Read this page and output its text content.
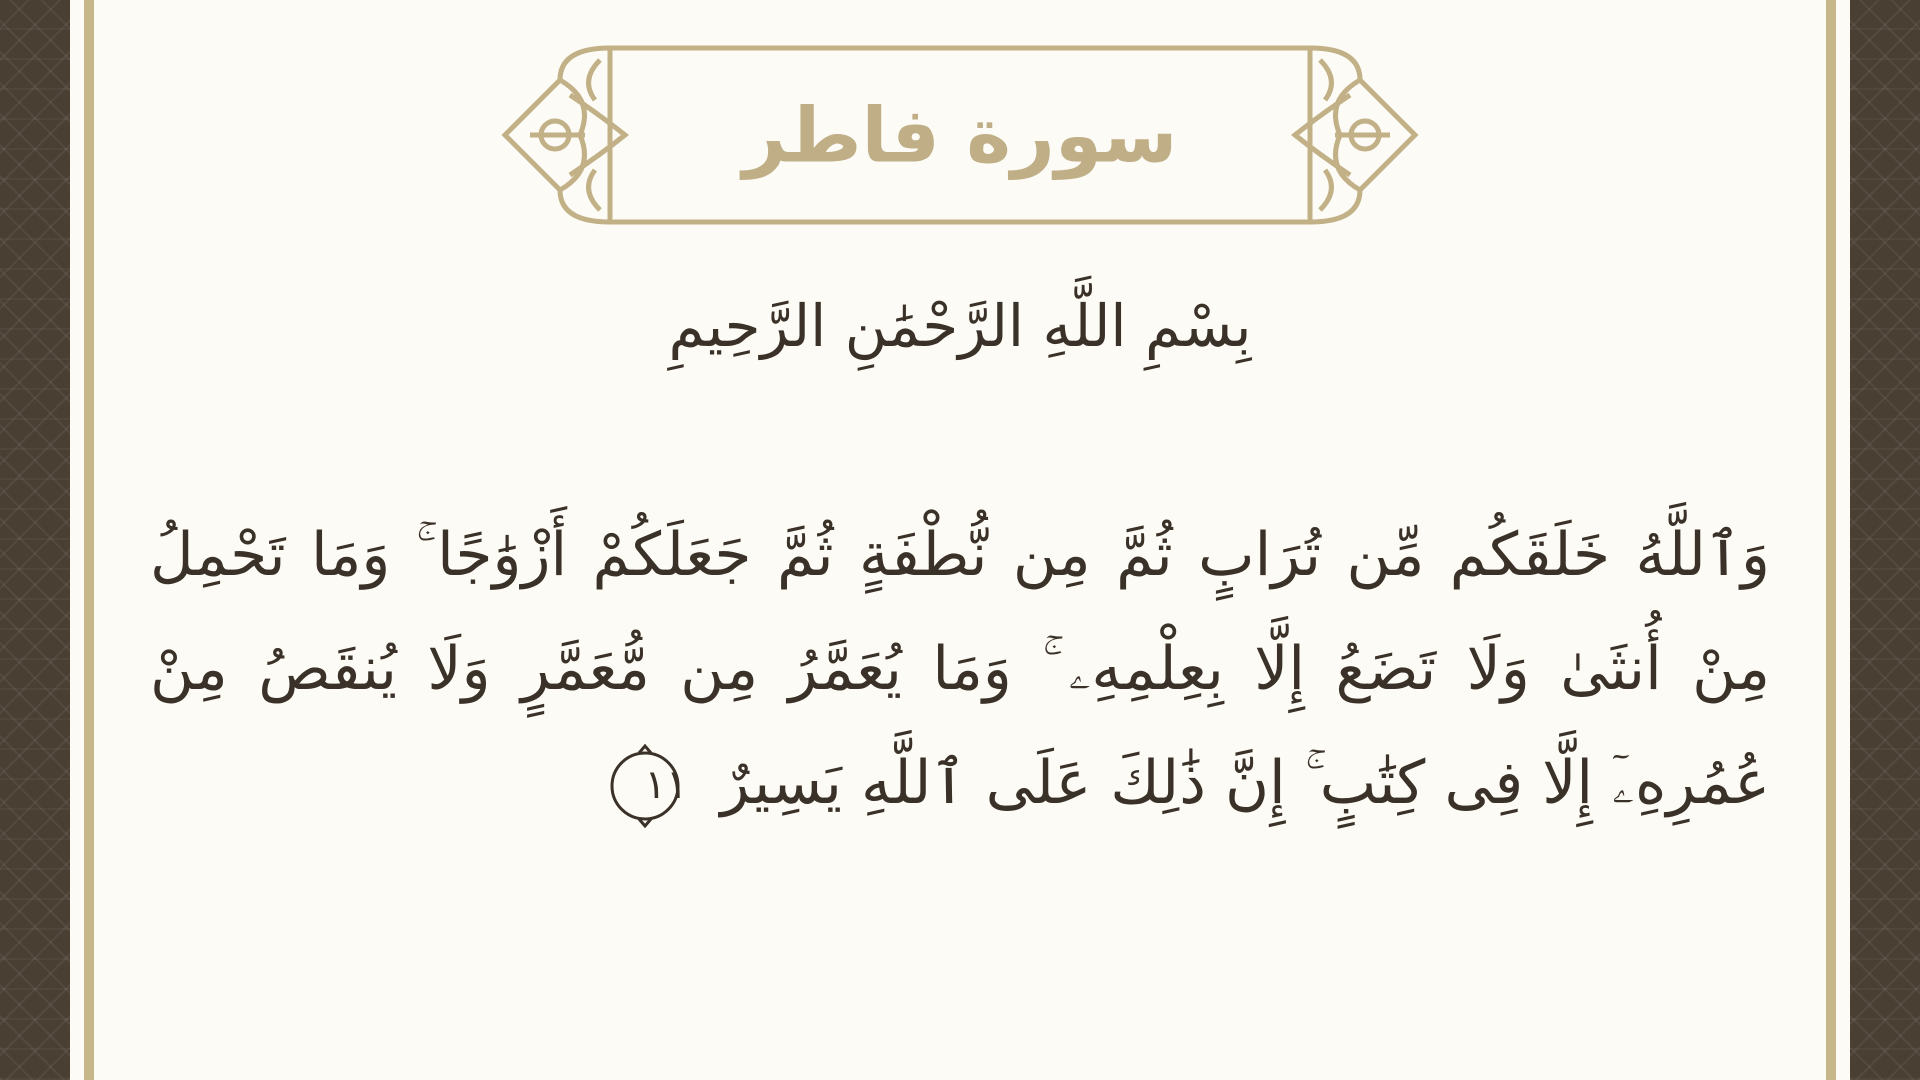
سورة فاطر
بِسْمِ اللَّهِ الرَّحْمَٰنِ الرَّحِيمِ
وَٱللَّهُ خَلَقَكُم مِّن تُرَابٍ ثُمَّ مِن نُّطْفَةٍ ثُمَّ جَعَلَكُمْ أَزْوَٰجًا ۚ وَمَا تَحْمِلُ مِنْ أُنثَىٰ وَلَا تَضَعُ إِلَّا بِعِلْمِهِۦ ۚ وَمَا يُعَمَّرُ مِن مُّعَمَّرٍ وَلَا يُنقَصُ مِنْ عُمُرِهِۦٓ إِلَّا فِى كِتَٰبٍ ۚ إِنَّ ذَٰلِكَ عَلَى ٱللَّهِ يَسِيرٌ
١١
